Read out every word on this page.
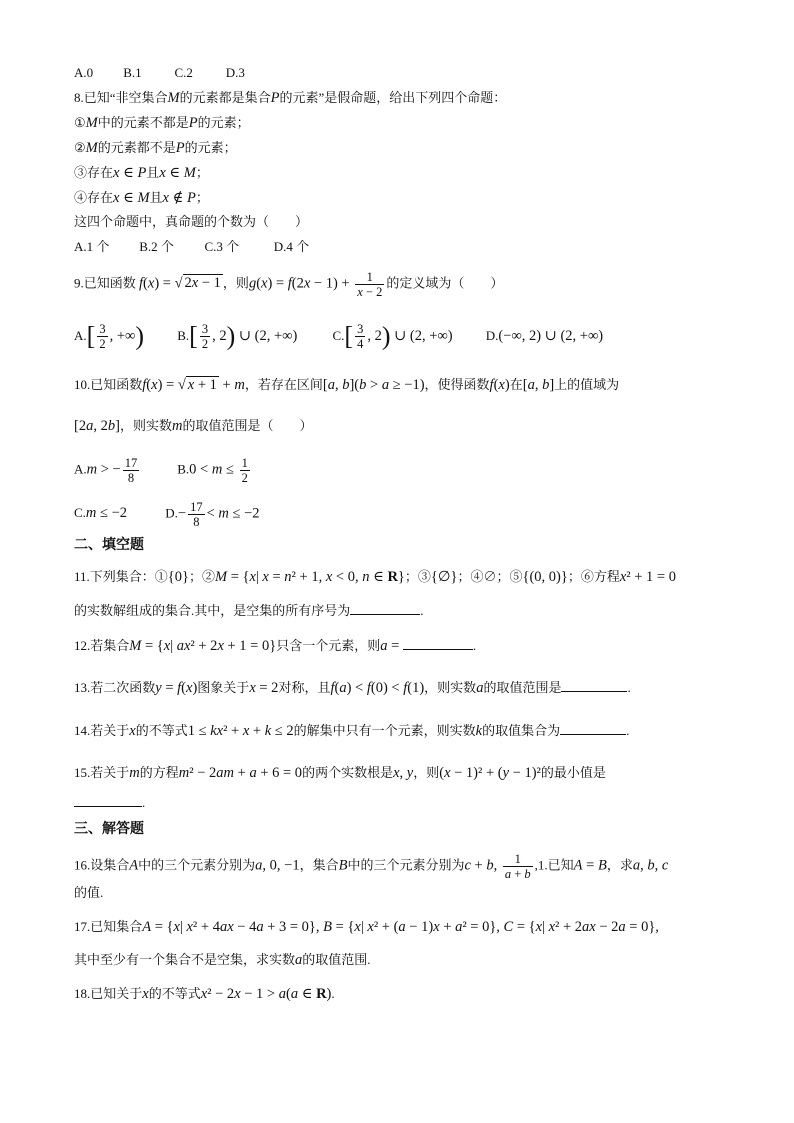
A.0 B.1	C.2	D.3
8.已知“非空集合M的元素都是集合P的元素”是假命题，给出下列四个命题：
①M中的元素不都是P的元素；
②M的元素都不是P的元素；
③存在x ∈ P且x ∈ M；
④存在x ∈ M且x ∉ P；
这四个命题中，真命题的个数为（　　）
A.1 个 B.2 个 C.3 个	D.4 个
9.已知函数 f(x) = √ 2x − 1 ，则$g(x) = f(2x - 1) + \frac{1}{x - 2}$ 的定义域为（　　）
$A.[ \frac{3}{2}$ , +∞)	$B.[ \frac{3}{2}$ , 2) ∪ (2, +∞)	$C.[ \frac{3}{4}$ , 2) ∪ (2, +∞)	D.(−∞, 2) ∪ (2, +∞)
10.已知函数f(x) = √ x + 1 + m，若存在区间[a, b](b > a ≥ −1)，使得函数f(x)在[a, b]上的值域为
[2a, 2b]，则实数m的取值范围是（　　）
A.m > − $\frac{17}{8}$	$B.0 < m \le \frac{1}{2}$
C.m ≤ −2	$D.- \frac{17}{8} < m \le -2$
二、填空题
11.下列集合：①{0}；②M = {x| x = n² + 1, x < 0, n ∈ R}；③{∅}；④∅；⑤{(0, 0)}；⑥方程x² + 1 = 0
的实数解组成的集合.其中，是空集的所有序号为	.
12.若集合M = {x| ax² + 2x + 1 = 0}只含一个元素，则a =	.
13.若二次函数y = f(x)图象关于x = 2对称，且f(a) < f(0) < f(1)，则实数a的取值范围是	.
14.若关于x的不等式1 ≤ kx² + x + k ≤ 2的解集中只有一个元素，则实数k的取值集合为	.
15.若关于m的方程m² − 2am + a + 6 = 0的两个实数根是x, y，则(x − 1)² + (y − 1)²的最小值是
.
三、解答题
16.设集合A中的三个元素分别为a, 0, −1，集合B中的三个元素分别为c + b, $\frac{1}{a + b} ,1$.已知A = B，求a, b, c
的值.
17.已知集合A = {x| x² + 4ax − 4a + 3 = 0}, B = {x| x² + (a − 1)x + a² = 0}, C = {x| x² + 2ax − 2a = 0},
其中至少有一个集合不是空集，求实数a的取值范围.
18.已知关于x的不等式x² − 2x − 1 > a(a ∈ R).
